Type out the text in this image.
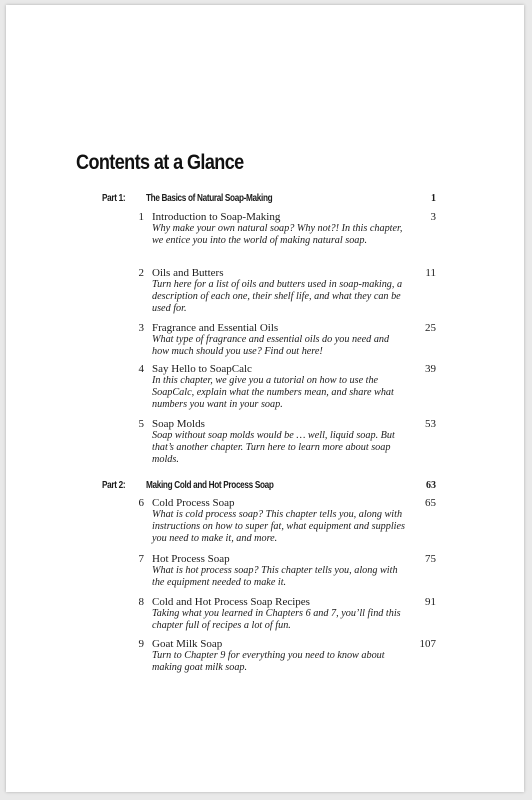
Contents at a Glance
Part 1: The Basics of Natural Soap-Making	1
1 Introduction to Soap-Making	3
Why make your own natural soap? Why not?! In this chapter, we entice you into the world of making natural soap.
2 Oils and Butters	11
Turn here for a list of oils and butters used in soap-making, a description of each one, their shelf life, and what they can be used for.
3 Fragrance and Essential Oils	25
What type of fragrance and essential oils do you need and how much should you use? Find out here!
4 Say Hello to SoapCalc	39
In this chapter, we give you a tutorial on how to use the SoapCalc, explain what the numbers mean, and share what numbers you want in your soap.
5 Soap Molds	53
Soap without soap molds would be … well, liquid soap. But that’s another chapter. Turn here to learn more about soap molds.
Part 2: Making Cold and Hot Process Soap	63
6 Cold Process Soap	65
What is cold process soap? This chapter tells you, along with instructions on how to super fat, what equipment and supplies you need to make it, and more.
7 Hot Process Soap	75
What is hot process soap? This chapter tells you, along with the equipment needed to make it.
8 Cold and Hot Process Soap Recipes	91
Taking what you learned in Chapters 6 and 7, you’ll find this chapter full of recipes a lot of fun.
9 Goat Milk Soap	107
Turn to Chapter 9 for everything you need to know about making goat milk soap.
